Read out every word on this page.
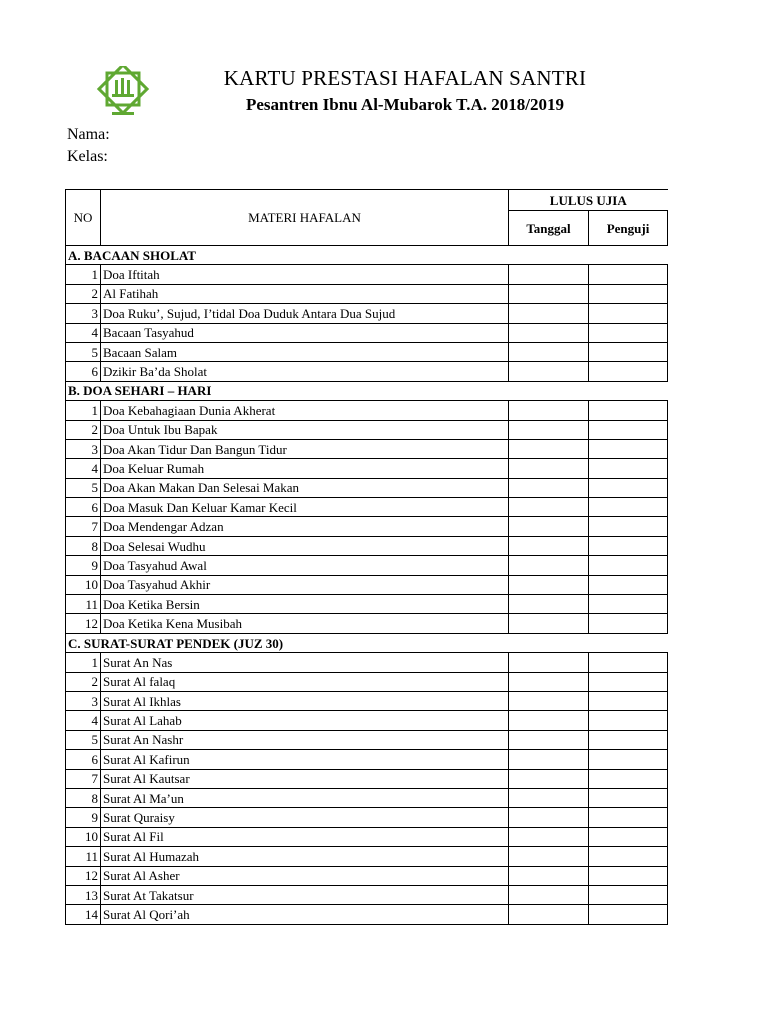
KARTU PRESTASI HAFALAN SANTRI
Pesantren Ibnu Al-Mubarok T.A. 2018/2019
Nama:
Kelas:
NO	MATERI HAFALAN	LULUS UJIA	
		Tanggal	Penguji
A. BACAAN SHOLAT			
1	Doa Iftitah		
2	Al Fatihah		
3	Doa Ruku’, Sujud, I’tidal Doa Duduk Antara Dua Sujud		
4	Bacaan Tasyahud		
5	Bacaan Salam		
6	Dzikir Ba’da Sholat		
B. DOA SEHARI – HARI			
1	Doa Kebahagiaan Dunia Akherat		
2	Doa Untuk Ibu Bapak		
3	Doa Akan Tidur Dan Bangun Tidur		
4	Doa Keluar Rumah		
5	Doa Akan Makan Dan Selesai Makan		
6	Doa Masuk Dan Keluar Kamar Kecil		
7	Doa Mendengar Adzan		
8	Doa Selesai Wudhu		
9	Doa Tasyahud Awal		
10	Doa Tasyahud Akhir		
11	Doa Ketika Bersin		
12	Doa Ketika Kena Musibah		
C. SURAT-SURAT PENDEK (JUZ 30)			
1	Surat An Nas		
2	Surat Al falaq		
3	Surat Al Ikhlas		
4	Surat Al Lahab		
5	Surat An Nashr		
6	Surat Al Kafirun		
7	Surat Al Kautsar		
8	Surat Al Ma’un		
9	Surat Quraisy		
10	Surat Al Fil		
11	Surat Al Humazah		
12	Surat Al Asher		
13	Surat At Takatsur		
14	Surat Al Qori’ah		
